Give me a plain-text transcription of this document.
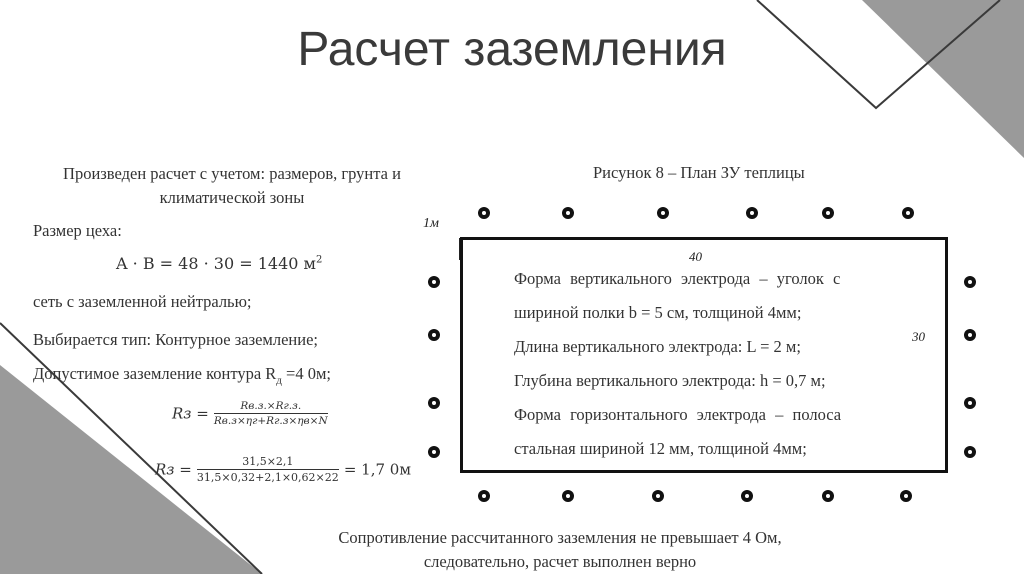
Расчет заземления
Произведен расчет с учетом: размеров, грунта и
климатической зоны
Размер цеха:
A · B = 48 · 30 = 1440 $м^2$
сеть с заземленной нейтралью;
Выбирается тип: Контурное заземление;
Допустимое заземление контура $R_д =4$ 0м;
Rз = $\frac{Rв.з.\times Rг.з.}{Rв.з\times\eta г+Rг.з\times\eta в\times N}$
Rз = $\frac{31,5\times 2,1}{31,5\times 0,32+2,1\times 0,62\times 22} = 1,7$ 0м
Рисунок 8 – План ЗУ теплицы
1м
40
30
Форма вертикального электрода – уголок с
шириной полки b = 5 см, толщиной 4мм;
Длина вертикального электрода: L = 2 м;
Глубина вертикального электрода: h = 0,7 м;
Форма горизонтального электрода – полоса
стальная шириной 12 мм, толщиной 4мм;
Сопротивление рассчитанного заземления не превышает 4 Ом,
следовательно, расчет выполнен верно
